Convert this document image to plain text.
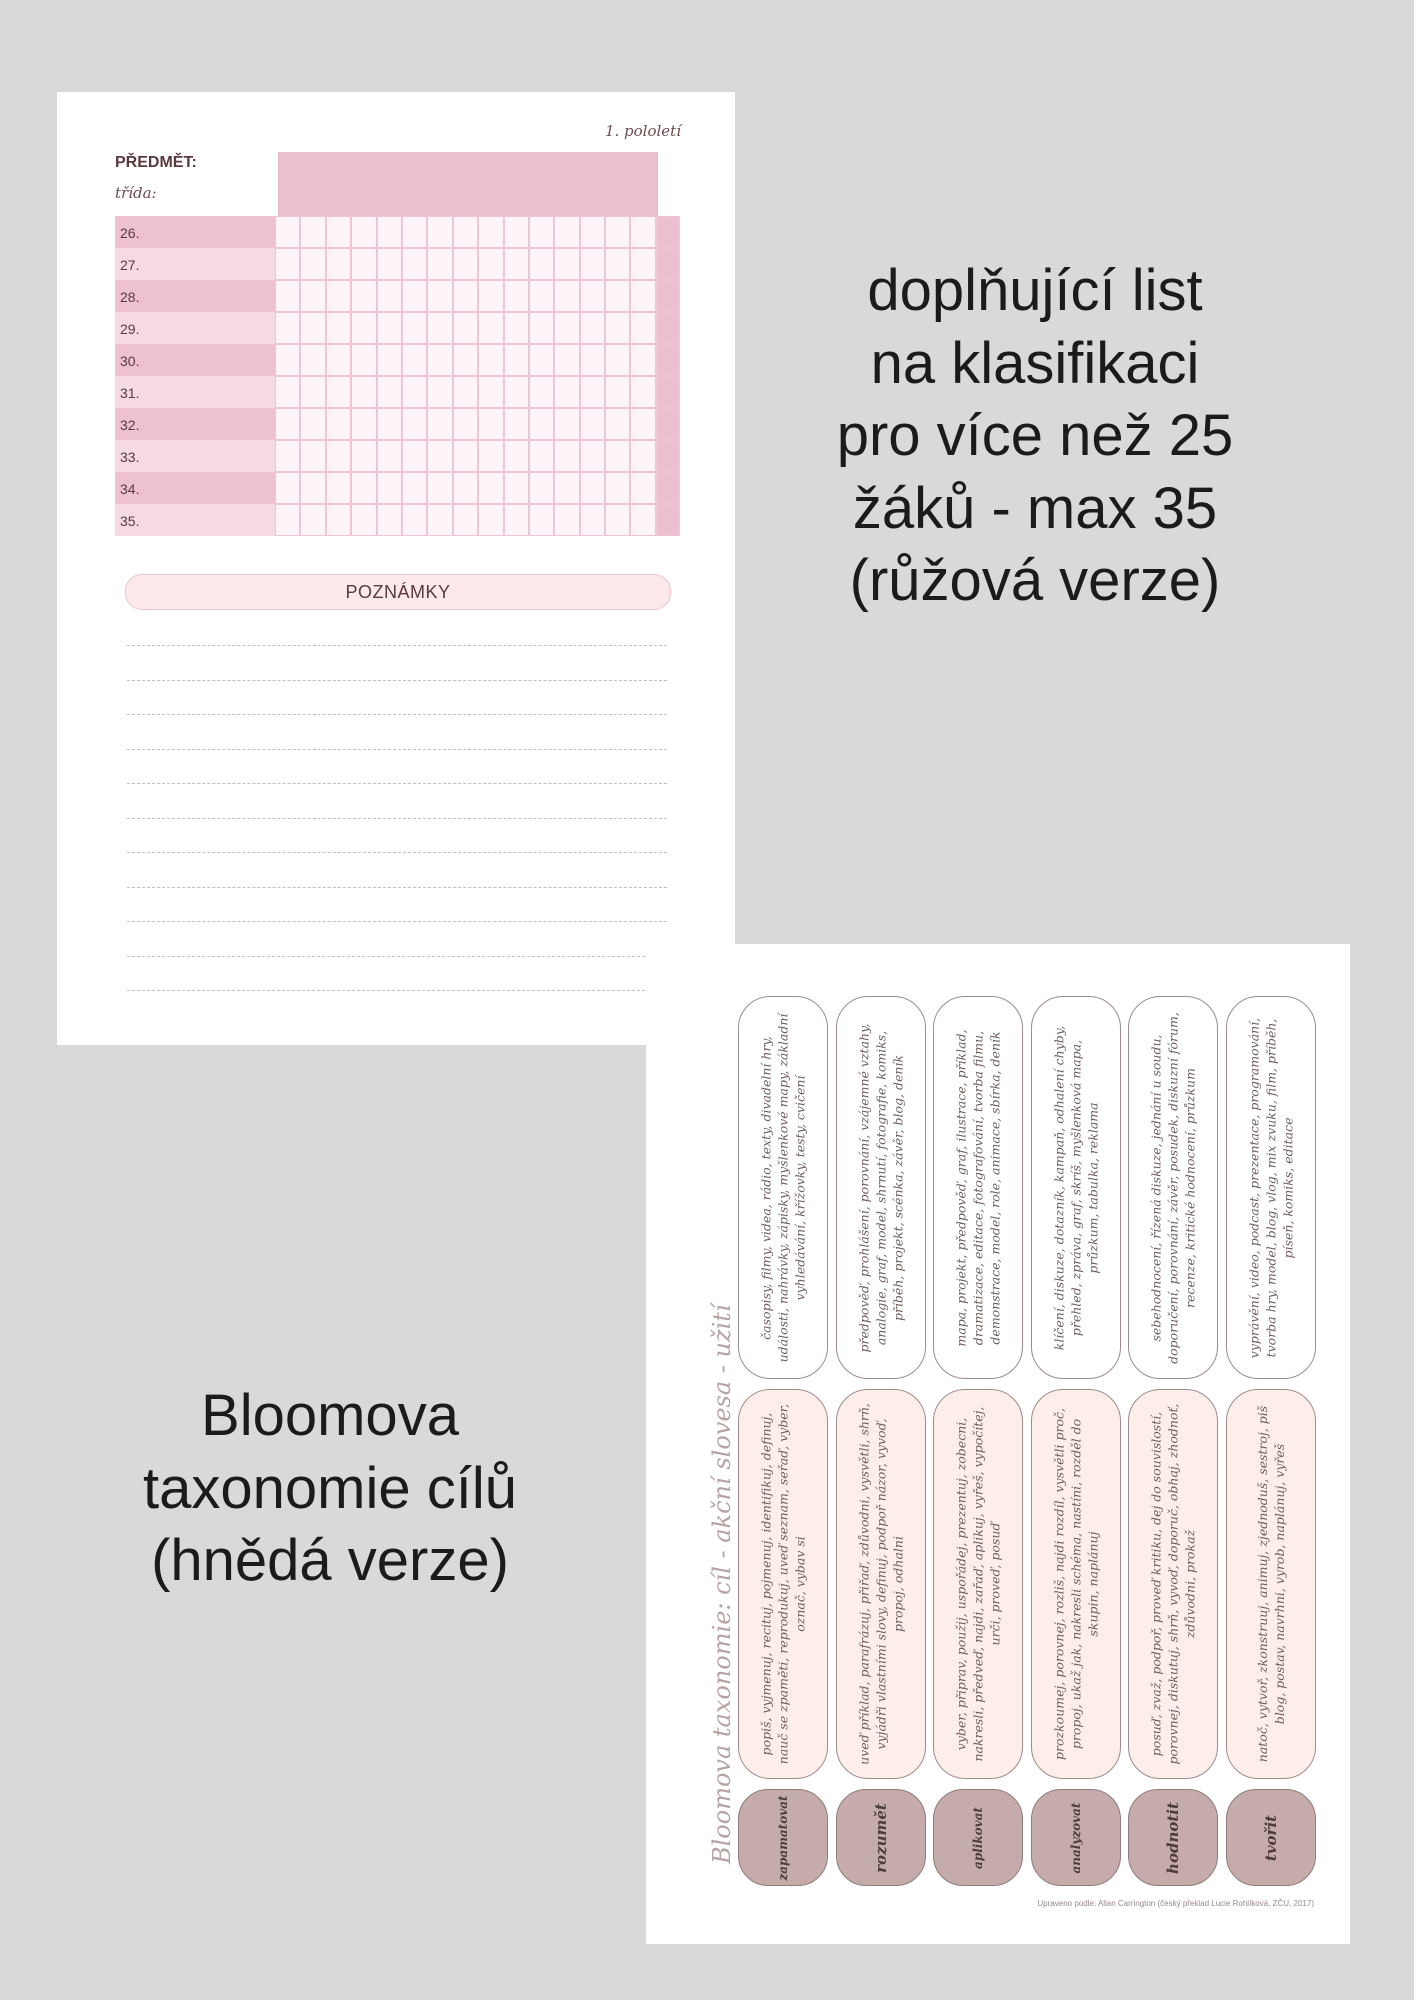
1. pololetí
PŘEDMĚT:
třída:
26.
27.
28.
29.
30.
31.
32.
33.
34.
35.
POZNÁMKY
Bloomova taxonomie: cíl - akční slovesa - užití
časopisy, filmy, videa, rádio, texty, divadelní hry, události, nahrávky, zápisky, myšlenkové mapy, základní vyhledávání, křížovky, testy, cvičení
popiš, vyjmenuj, recituj, pojmenuj, identifikuj, definuj, nauč se zpaměti, reprodukuj, uveď seznam, seřaď, vyber, označ, vybav si
zapamatovat
předpověď, prohlášení, porovnání, vzájemné vztahy, analogie, graf, model, shrnutí, fotografie, komiks, příběh, projekt, scénka, závěr, blog, deník
uveď příklad, parafrázuj, přiřaď, zdůvodni, vysvětli, shrň, vyjádři vlastními slovy, definuj, podpoř názor, vyvoď, propoj, odhalni
rozumět
mapa, projekt, předpověď, graf, ilustrace, příklad, dramatizace, editace, fotografování, tvorba filmu, demonstrace, model, role, animace, sbírka, deník
vyber, připrav, použij, uspořádej, prezentuj, zobecni, nakresli, předveď, najdi, zařaď, aplikuj, vyřeš, vypočítej, urči, proveď, posuď
aplikovat
klíčení, diskuze, dotazník, kampaň, odhalení chyby, přehled, zpráva, graf, skríš, myšlenková mapa, průzkum, tabulka, reklama
prozkoumej, porovnej, rozliš, najdi rozdíl, vysvětli proč, propoj, ukaž jak, nakresli schéma, nastíni, rozděl do skupin, naplánuj
analyzovat
sebehodnocení, řízená diskuze, jednání u soudu, doporučení, porovnání, závěr, posudek, diskuzní fórum, recenze, kritické hodnocení, průzkum
posuď, zvaž, podpoř, proveď kritiku, dej do souvislostí, porovnej, diskutuj, shrň, vyvoď, doporuč, obhaj, zhodnoť, zdůvodni, prokaž
hodnotit
vyprávění, video, podcast, prezentace, programování, tvorba hry, model, blog, vlog, mix zvuku, film, příběh, píseň, komiks, editace
natoč, vytvoř, zkonstruuj, animuj, zjednoduš, sestroj, piš blog, postav, navrhni, vyrob, naplánuj, vyřeš
tvořit
Upraveno podle: Allan Carrington (český překlad Lucie Rohlíková, ZČU, 2017)
doplňující list
na klasifikaci
pro více než 25
žáků - max 35
(růžová verze)
Bloomova
taxonomie cílů
(hnědá verze)
